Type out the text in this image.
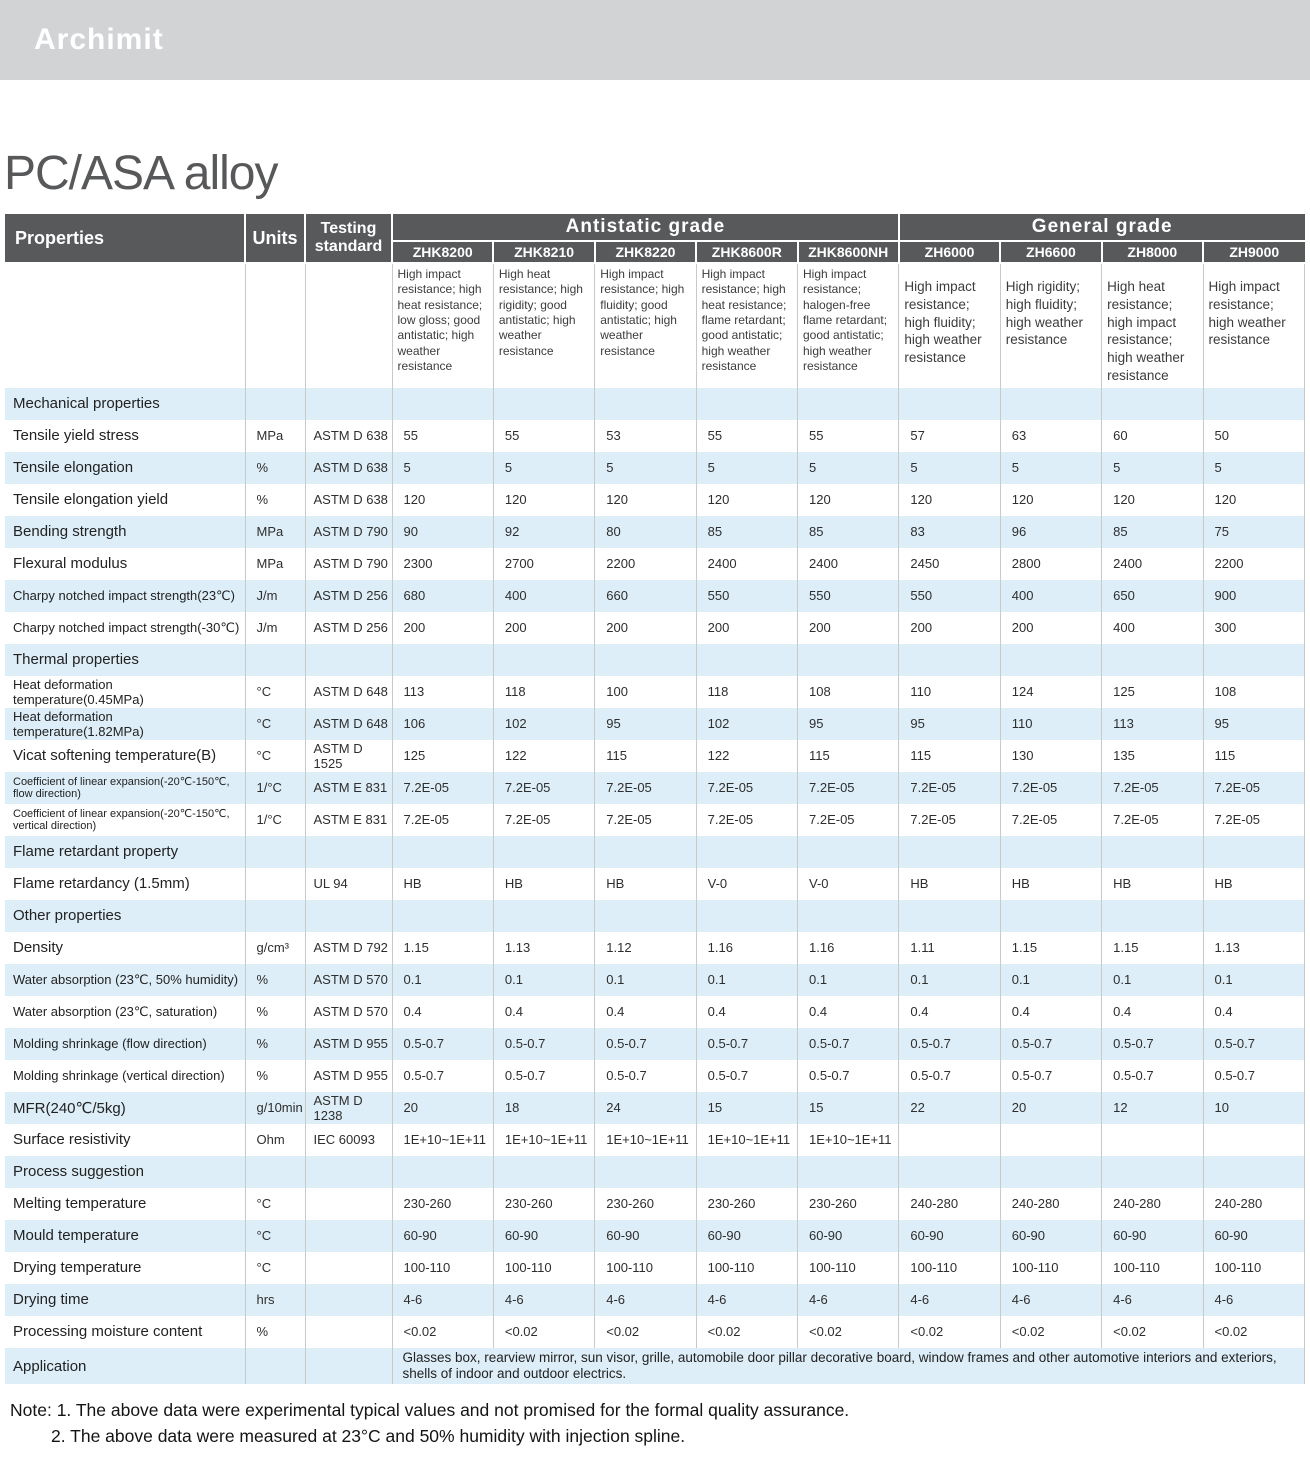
Archimit
PC/ASA alloy
Properties	Units	Testing standard	Antistatic grade					General grade			
			ZHK8200	ZHK8210	ZHK8220	ZHK8600R	ZHK8600NH	ZH6000	ZH6600	ZH8000	ZH9000
			High impact resistance; high heat resistance; low gloss; good antistatic; high weather resistance	High heat resistance; high rigidity; good antistatic; high weather resistance	High impact resistance; high fluidity; good antistatic; high weather resistance	High impact resistance; high heat resistance; flame retardant; good antistatic; high weather resistance	High impact resistance; halogen-free flame retardant; good antistatic; high weather resistance	High impact resistance; high fluidity; high weather resistance	High rigidity; high fluidity; high weather resistance	High heat resistance; high impact resistance; high weather resistance	High impact resistance; high weather resistance
Mechanical properties											
Tensile yield stress	MPa	ASTM D 638	55	55	53	55	55	57	63	60	50
Tensile elongation	%	ASTM D 638	5	5	5	5	5	5	5	5	5
Tensile elongation yield	%	ASTM D 638	120	120	120	120	120	120	120	120	120
Bending strength	MPa	ASTM D 790	90	92	80	85	85	83	96	85	75
Flexural modulus	MPa	ASTM D 790	2300	2700	2200	2400	2400	2450	2800	2400	2200
Charpy notched impact strength(23℃)	J/m	ASTM D 256	680	400	660	550	550	550	400	650	900
Charpy notched impact strength(-30℃)	J/m	ASTM D 256	200	200	200	200	200	200	200	400	300
Thermal properties											
Heat deformation temperature(0.45MPa)	°C	ASTM D 648	113	118	100	118	108	110	124	125	108
Heat deformation temperature(1.82MPa)	°C	ASTM D 648	106	102	95	102	95	95	110	113	95
Vicat softening temperature(B)	°C	ASTM D 1525	125	122	115	122	115	115	130	135	115
Coefficient of linear expansion(-20℃-150℃, flow direction)	1/°C	ASTM E 831	7.2E-05	7.2E-05	7.2E-05	7.2E-05	7.2E-05	7.2E-05	7.2E-05	7.2E-05	7.2E-05
Coefficient of linear expansion(-20℃-150℃, vertical direction)	1/°C	ASTM E 831	7.2E-05	7.2E-05	7.2E-05	7.2E-05	7.2E-05	7.2E-05	7.2E-05	7.2E-05	7.2E-05
Flame retardant property											
Flame retardancy (1.5mm)		UL 94	HB	HB	HB	V-0	V-0	HB	HB	HB	HB
Other properties											
Density	g/cm³	ASTM D 792	1.15	1.13	1.12	1.16	1.16	1.11	1.15	1.15	1.13
Water absorption (23℃, 50% humidity)	%	ASTM D 570	0.1	0.1	0.1	0.1	0.1	0.1	0.1	0.1	0.1
Water absorption (23℃, saturation)	%	ASTM D 570	0.4	0.4	0.4	0.4	0.4	0.4	0.4	0.4	0.4
Molding shrinkage (flow direction)	%	ASTM D 955	0.5-0.7	0.5-0.7	0.5-0.7	0.5-0.7	0.5-0.7	0.5-0.7	0.5-0.7	0.5-0.7	0.5-0.7
Molding shrinkage (vertical direction)	%	ASTM D 955	0.5-0.7	0.5-0.7	0.5-0.7	0.5-0.7	0.5-0.7	0.5-0.7	0.5-0.7	0.5-0.7	0.5-0.7
MFR(240℃/5kg)	g/10min	ASTM D 1238	20	18	24	15	15	22	20	12	10
Surface resistivity	Ohm	IEC 60093	1E+10~1E+11	1E+10~1E+11	1E+10~1E+11	1E+10~1E+11	1E+10~1E+11				
Process suggestion											
Melting temperature	°C		230-260	230-260	230-260	230-260	230-260	240-280	240-280	240-280	240-280
Mould temperature	°C		60-90	60-90	60-90	60-90	60-90	60-90	60-90	60-90	60-90
Drying temperature	°C		100-110	100-110	100-110	100-110	100-110	100-110	100-110	100-110	100-110
Drying time	hrs		4-6	4-6	4-6	4-6	4-6	4-6	4-6	4-6	4-6
Processing moisture content	%		<0.02	<0.02	<0.02	<0.02	<0.02	<0.02	<0.02	<0.02	<0.02
Application			Glasses box, rearview mirror, sun visor, grille, automobile door pillar decorative board, window frames and other automotive interiors and exteriors, shells of indoor and outdoor electrics.								
Note: 1. The above data were experimental typical values and not promised for the formal quality assurance.
2. The above data were measured at 23°C and 50% humidity with injection spline.
